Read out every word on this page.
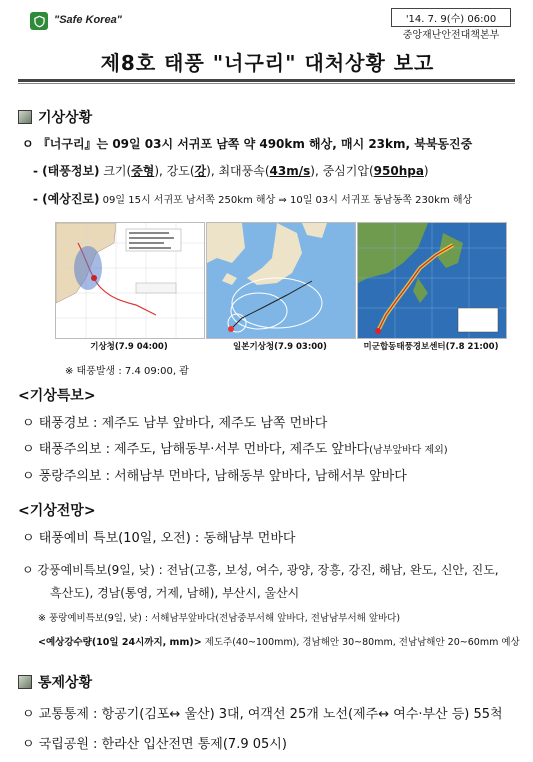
"Safe Korea"	'14. 7. 9(수) 06:00
중앙재난안전대책본부
제8호 태풍 "너구리" 대처상황 보고
기상상황
ㅇ 『너구리』는 09일 03시 서귀포 남쪽 약 490km 해상, 매시 23km, 북북동진중
- (태풍정보) 크기(중형), 강도(강), 최대풍속(43m/s), 중심기압(950hpa)
- (예상진로) 09일 15시 서귀포 남서쪽 250km 해상 ⇒ 10일 03시 서귀포 동남동쪽 230km 해상
기상청(7.9 04:00)	일본기상청(7.9 03:00)	미군합동태풍경보센터(7.8 21:00)
※ 태풍발생 : 7.4 09:00, 괌
<기상특보>
ㅇ 태풍경보 : 제주도 남부 앞바다, 제주도 남쪽 먼바다
ㅇ 태풍주의보 : 제주도, 남해동부·서부 먼바다, 제주도 앞바다(남부앞바다 제외)
ㅇ 풍랑주의보 : 서해남부 먼바다, 남해동부 앞바다, 남해서부 앞바다
<기상전망>
ㅇ 태풍예비 특보(10일, 오전) : 동해남부 먼바다
ㅇ 강풍예비특보(9일, 낮) : 전남(고흥, 보성, 여수, 광양, 장흥, 강진, 해남, 완도, 신안, 진도,
흑산도), 경남(통영, 거제, 남해), 부산시, 울산시
※ 풍랑예비특보(9일, 낮) : 서해남부앞바다(전남중부서해 앞바다, 전남남부서해 앞바다)
<예상강수량(10일 24시까지, mm)> 제도주(40~100mm), 경남해안 30~80mm, 전남남해안 20~60mm 예상
통제상황
ㅇ 교통통제 : 항공기(김포↔ 울산) 3대, 여객선 25개 노선(제주↔ 여수·부산 등) 55척
ㅇ 국립공원 : 한라산 입산전면 통제(7.9 05시)
